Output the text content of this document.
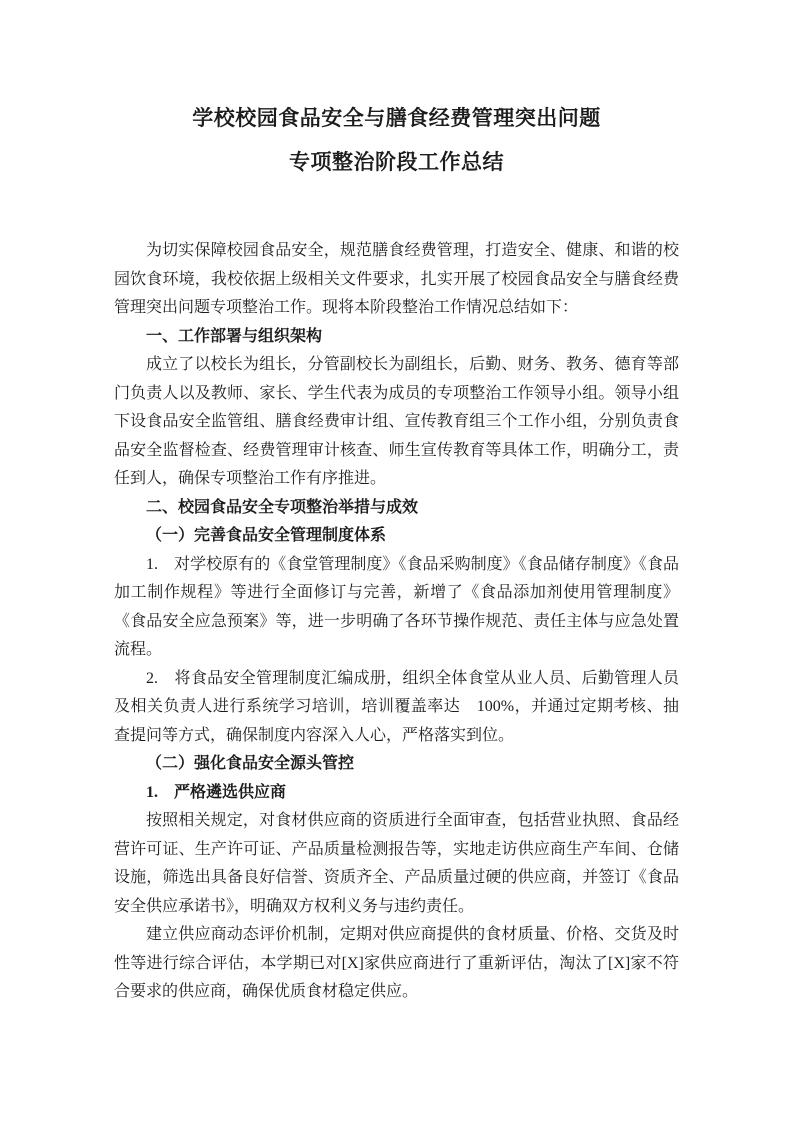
学校校园食品安全与膳食经费管理突出问题
专项整治阶段工作总结

为切实保障校园食品安全，规范膳食经费管理，打造安全、健康、和谐的校园饮食环境，我校依据上级相关文件要求，扎实开展了校园食品安全与膳食经费管理突出问题专项整治工作。现将本阶段整治工作情况总结如下：

一、工作部署与组织架构

成立了以校长为组长，分管副校长为副组长，后勤、财务、教务、德育等部门负责人以及教师、家长、学生代表为成员的专项整治工作领导小组。领导小组下设食品安全监管组、膳食经费审计组、宣传教育组三个工作小组，分别负责食品安全监督检查、经费管理审计核查、师生宣传教育等具体工作，明确分工，责任到人，确保专项整治工作有序推进。

二、校园食品安全专项整治举措与成效

（一）完善食品安全管理制度体系

1.　对学校原有的《食堂管理制度》《食品采购制度》《食品储存制度》《食品加工制作规程》等进行全面修订与完善，新增了《食品添加剂使用管理制度》《食品安全应急预案》等，进一步明确了各环节操作规范、责任主体与应急处置流程。

2.　将食品安全管理制度汇编成册，组织全体食堂从业人员、后勤管理人员及相关负责人进行系统学习培训，培训覆盖率达　100%，并通过定期考核、抽查提问等方式，确保制度内容深入人心，严格落实到位。

（二）强化食品安全源头管控

1.　严格遴选供应商

按照相关规定，对食材供应商的资质进行全面审查，包括营业执照、食品经营许可证、生产许可证、产品质量检测报告等，实地走访供应商生产车间、仓储设施，筛选出具备良好信誉、资质齐全、产品质量过硬的供应商，并签订《食品安全供应承诺书》，明确双方权利义务与违约责任。

建立供应商动态评价机制，定期对供应商提供的食材质量、价格、交货及时性等进行综合评估，本学期已对[X]家供应商进行了重新评估，淘汰了[X]家不符合要求的供应商，确保优质食材稳定供应。
